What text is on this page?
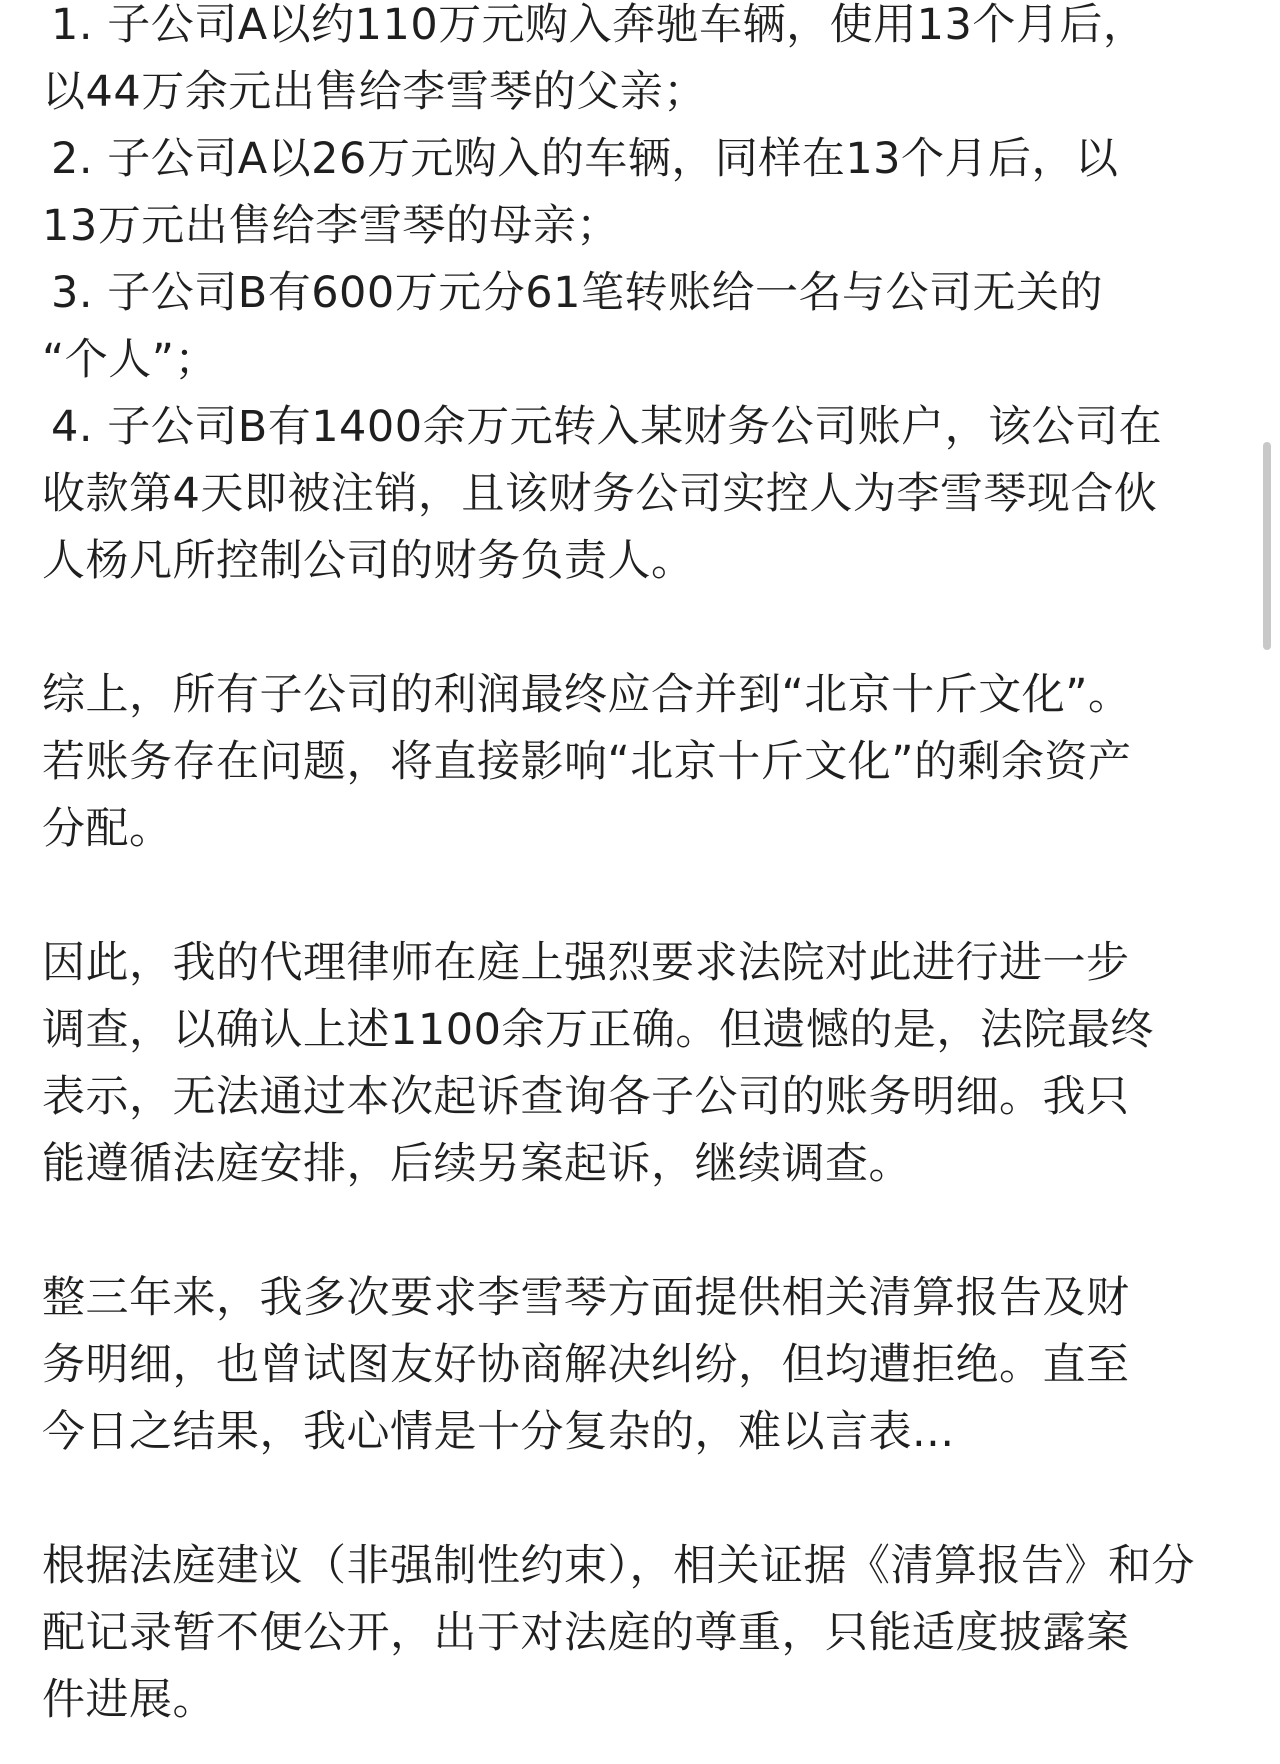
1. 子公司A以约110万元购入奔驰车辆，使用13个月后，
以44万余元出售给李雪琴的父亲；

2. 子公司A以26万元购入的车辆，同样在13个月后，以
13万元出售给李雪琴的母亲；

3. 子公司B有600万元分61笔转账给一名与公司无关的
“个人”；

4. 子公司B有1400余万元转入某财务公司账户，该公司在
收款第4天即被注销，且该财务公司实控人为李雪琴现合伙
人杨凡所控制公司的财务负责人。

综上，所有子公司的利润最终应合并到“北京十斤文化”。
若账务存在问题，将直接影响“北京十斤文化”的剩余资产
分配。

因此，我的代理律师在庭上强烈要求法院对此进行进一步
调查，以确认上述1100余万正确。但遗憾的是，法院最终
表示，无法通过本次起诉查询各子公司的账务明细。我只
能遵循法庭安排，后续另案起诉，继续调查。

整三年来，我多次要求李雪琴方面提供相关清算报告及财
务明细，也曾试图友好协商解决纠纷，但均遭拒绝。直至
今日之结果，我心情是十分复杂的，难以言表...

根据法庭建议（非强制性约束），相关证据《清算报告》和分
配记录暂不便公开，出于对法庭的尊重，只能适度披露案
件进展。
